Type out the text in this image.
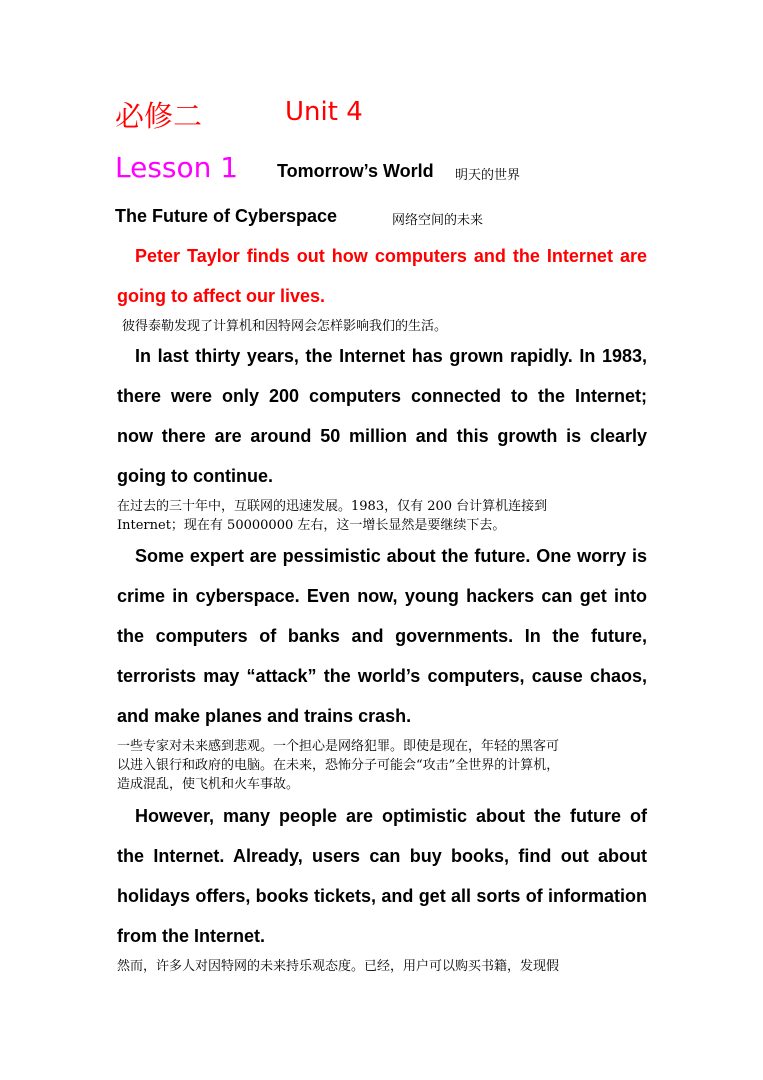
必修二	Unit 4
Lesson 1 Tomorrow’s World 明天的世界
The Future of Cyberspace	网络空间的未来
Peter Taylor finds out how computers and the Internet are
going to affect our lives.
彼得泰勒发现了计算机和因特网会怎样影响我们的生活。
In last thirty years, the Internet has grown rapidly. In 1983,
there were only 200 computers connected to the Internet;
now there are around 50 million and this growth is clearly
going to continue.
在过去的三十年中，互联网的迅速发展。1983，仅有 200 台计算机连接到
Internet；现在有 50000000 左右，这一增长显然是要继续下去。
Some expert are pessimistic about the future. One worry is
crime in cyberspace. Even now, young hackers can get into
the computers of banks and governments. In the future,
terrorists may “attack” the world’s computers, cause chaos,
and make planes and trains crash.
一些专家对未来感到悲观。一个担心是网络犯罪。即使是现在，年轻的黑客可
以进入银行和政府的电脑。在未来，恐怖分子可能会“攻击”全世界的计算机，
造成混乱，使飞机和火车事故。
However, many people are optimistic about the future of
the Internet. Already, users can buy books, find out about
holidays offers, books tickets, and get all sorts of information
from the Internet.
然而，许多人对因特网的未来持乐观态度。已经，用户可以购买书籍，发现假
